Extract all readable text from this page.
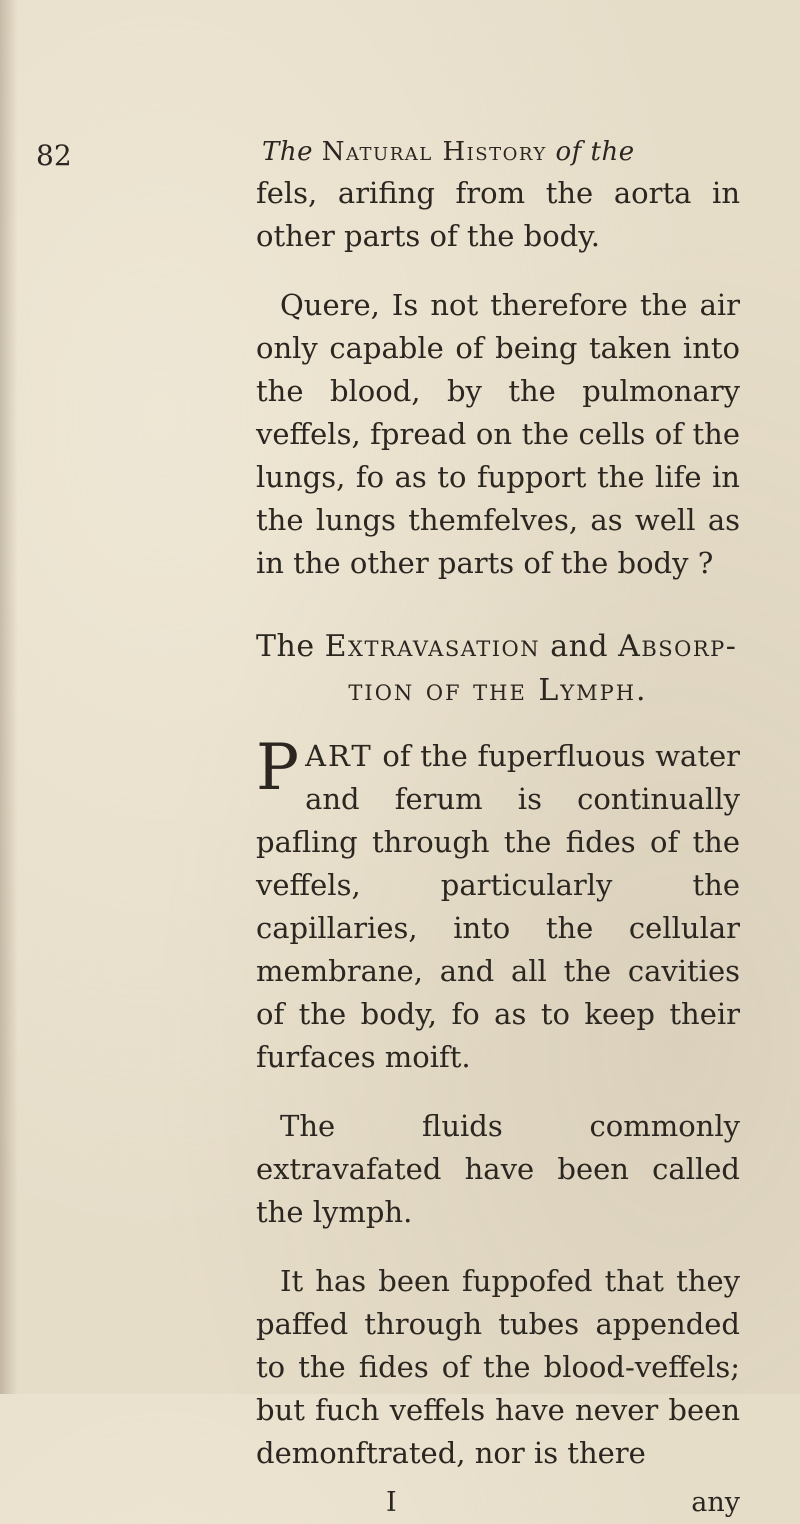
82	The Natural History of the

fels, arifing from the aorta in other parts of the body.

Quere, Is not therefore the air only capable of being taken into the blood, by the pulmonary veffels, fpread on the cells of the lungs, fo as to fupport the life in the lungs themfelves, as well as in the other parts of the body ?

The Extravasation and Absorp-
tion of the Lymph.

PART of the fuperfluous water and ferum is continually pafling through the fides of the veffels, particularly the capillaries, into the cellular membrane, and all the cavities of the body, fo as to keep their furfaces moift.

The fluids commonly extravafated have been called the lymph.

It has been fuppofed that they paffed through tubes appended to the fides of the blood-veffels; but fuch veffels have never been demonftrated, nor is there

I	any
